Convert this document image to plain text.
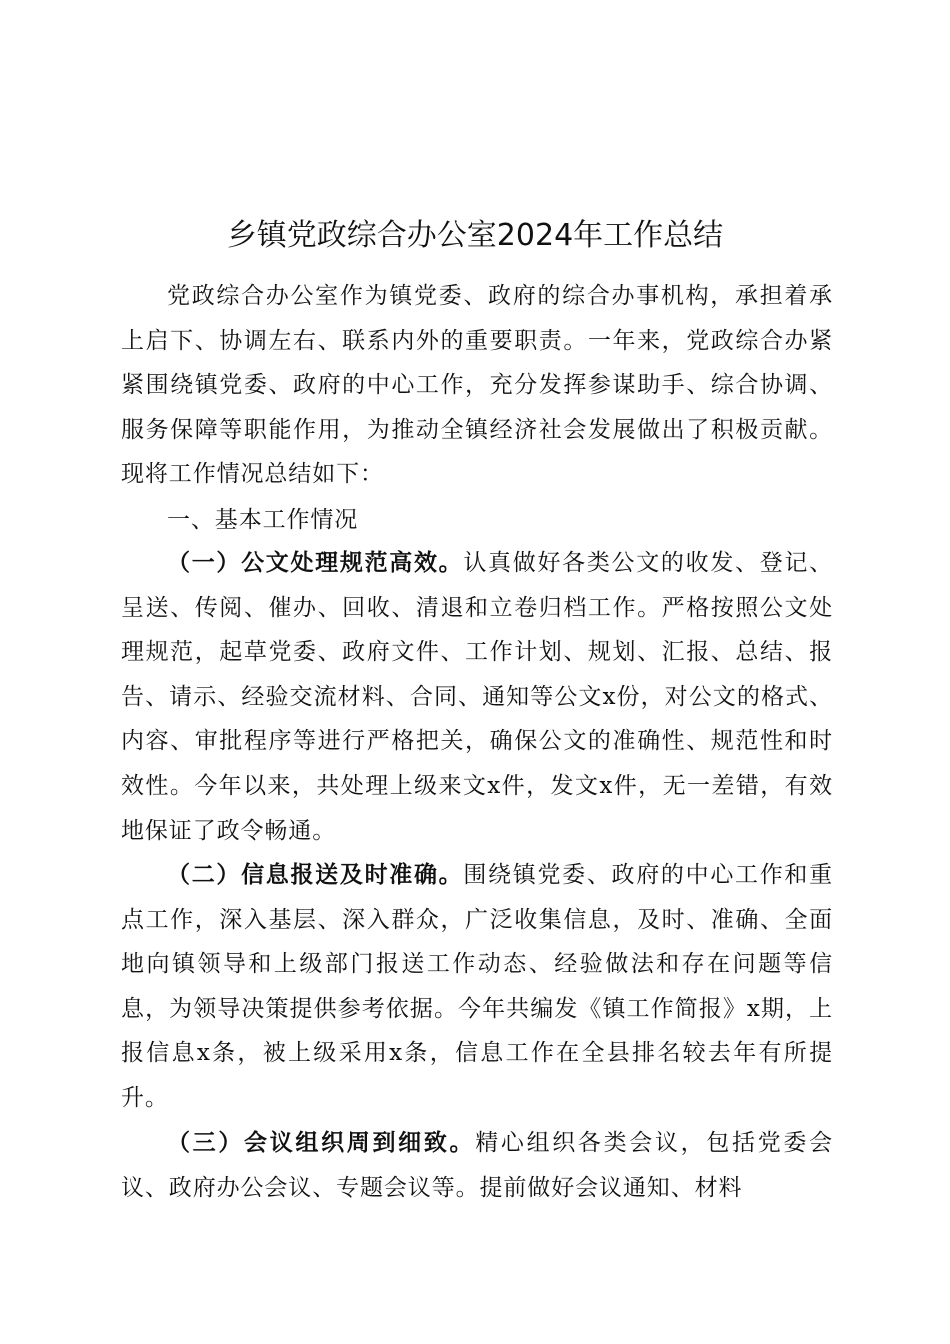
乡镇党政综合办公室2024年工作总结

党政综合办公室作为镇党委、政府的综合办事机构，承担着承上启下、协调左右、联系内外的重要职责。一年来，党政综合办紧紧围绕镇党委、政府的中心工作，充分发挥参谋助手、综合协调、服务保障等职能作用，为推动全镇经济社会发展做出了积极贡献。现将工作情况总结如下：

一、基本工作情况

（一）公文处理规范高效。认真做好各类公文的收发、登记、呈送、传阅、催办、回收、清退和立卷归档工作。严格按照公文处理规范，起草党委、政府文件、工作计划、规划、汇报、总结、报告、请示、经验交流材料、合同、通知等公文x份，对公文的格式、内容、审批程序等进行严格把关，确保公文的准确性、规范性和时效性。今年以来，共处理上级来文x件，发文x件，无一差错，有效地保证了政令畅通。

（二）信息报送及时准确。围绕镇党委、政府的中心工作和重点工作，深入基层、深入群众，广泛收集信息，及时、准确、全面地向镇领导和上级部门报送工作动态、经验做法和存在问题等信息，为领导决策提供参考依据。今年共编发《镇工作简报》x期，上报信息x条，被上级采用x条，信息工作在全县排名较去年有所提升。

（三）会议组织周到细致。精心组织各类会议，包括党委会议、政府办公会议、专题会议等。提前做好会议通知、材料
